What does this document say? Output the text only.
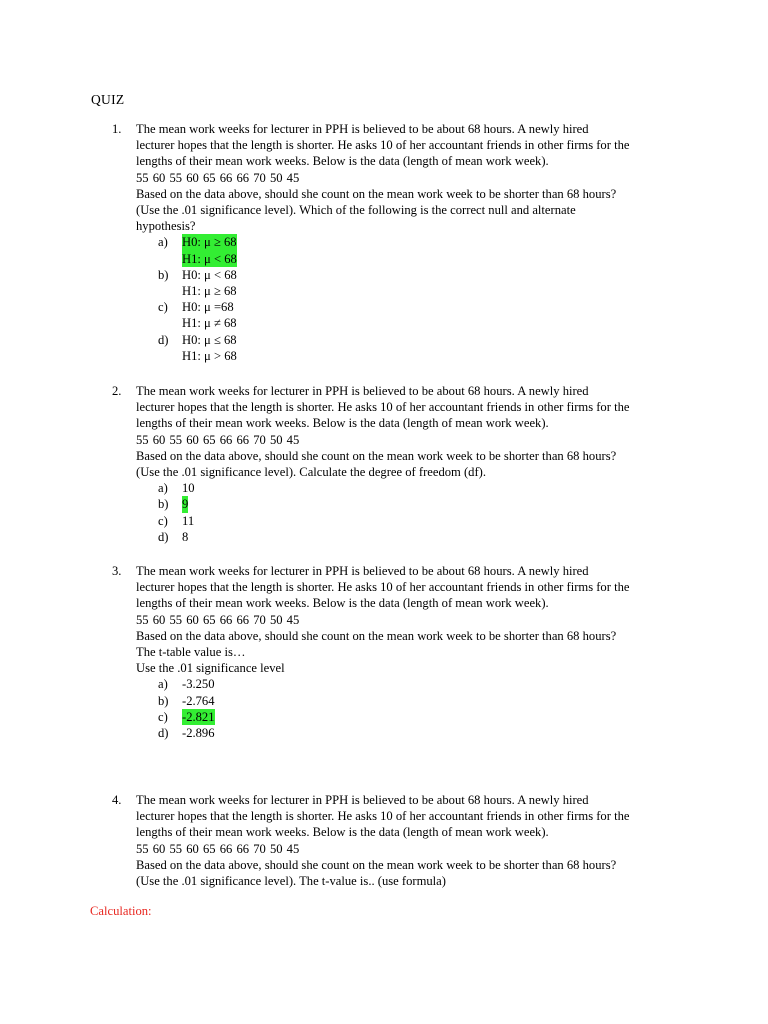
QUIZ
1.	The mean work weeks for lecturer in PPH is believed to be about 68 hours. A newly hired
lecturer hopes that the length is shorter. He asks 10 of her accountant friends in other firms for the
lengths of their mean work weeks. Below is the data (length of mean work week).
55 60 55 60 65 66 66 70 50 45
Based on the data above, should she count on the mean work week to be shorter than 68 hours?
(Use the .01 significance level). Which of the following is the correct null and alternate
hypothesis?
a) H0: μ ≥ 68
H1: μ < 68
b) H0: μ < 68
H1: μ ≥ 68
c) H0: μ =68
H1: μ ≠ 68
d) H0: μ ≤ 68
H1: μ > 68
2.	The mean work weeks for lecturer in PPH is believed to be about 68 hours. A newly hired
lecturer hopes that the length is shorter. He asks 10 of her accountant friends in other firms for the
lengths of their mean work weeks. Below is the data (length of mean work week).
55 60 55 60 65 66 66 70 50 45
Based on the data above, should she count on the mean work week to be shorter than 68 hours?
(Use the .01 significance level). Calculate the degree of freedom (df).
a) 10
b) 9
c) 11
d) 8
3.	The mean work weeks for lecturer in PPH is believed to be about 68 hours. A newly hired
lecturer hopes that the length is shorter. He asks 10 of her accountant friends in other firms for the
lengths of their mean work weeks. Below is the data (length of mean work week).
55 60 55 60 65 66 66 70 50 45
Based on the data above, should she count on the mean work week to be shorter than 68 hours?
The t-table value is…
Use the .01 significance level
a) -3.250
b) -2.764
c) -2.821
d) -2.896
4.	The mean work weeks for lecturer in PPH is believed to be about 68 hours. A newly hired
lecturer hopes that the length is shorter. He asks 10 of her accountant friends in other firms for the
lengths of their mean work weeks. Below is the data (length of mean work week).
55 60 55 60 65 66 66 70 50 45
Based on the data above, should she count on the mean work week to be shorter than 68 hours?
(Use the .01 significance level). The t-value is.. (use formula)
Calculation:
